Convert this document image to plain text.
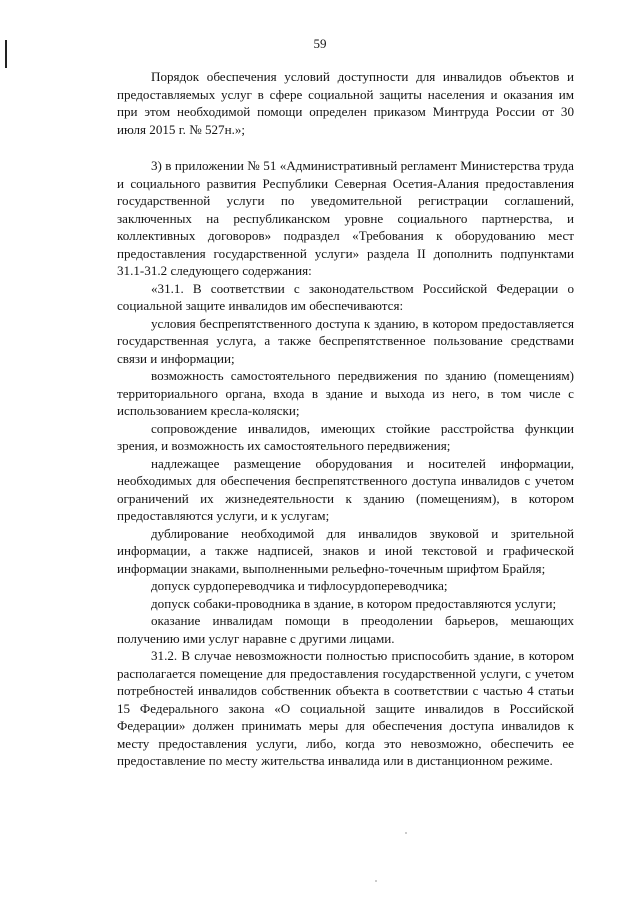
59

Порядок обеспечения условий доступности для инвалидов объектов и предоставляемых услуг в сфере социальной защиты населения и оказания им при этом необходимой помощи определен приказом Минтруда России от 30 июля 2015 г. № 527н.»;

3) в приложении № 51 «Административный регламент Министерства труда и социального развития Республики Северная Осетия-Алания предоставления государственной услуги по уведомительной регистрации соглашений, заключенных на республиканском уровне социального партнерства, и коллективных договоров» подраздел «Требования к оборудованию мест предоставления государственной услуги» раздела II дополнить подпунктами 31.1-31.2 следующего содержания:

«31.1. В соответствии с законодательством Российской Федерации о социальной защите инвалидов им обеспечиваются:

условия беспрепятственного доступа к зданию, в котором предоставляется государственная услуга, а также беспрепятственное пользование средствами связи и информации;

возможность самостоятельного передвижения по зданию (помещениям) территориального органа, входа в здание и выхода из него, в том числе с использованием кресла-коляски;

сопровождение инвалидов, имеющих стойкие расстройства функции зрения, и возможность их самостоятельного передвижения;

надлежащее размещение оборудования и носителей информации, необходимых для обеспечения беспрепятственного доступа инвалидов с учетом ограничений их жизнедеятельности к зданию (помещениям), в котором предоставляются услуги, и к услугам;

дублирование необходимой для инвалидов звуковой и зрительной информации, а также надписей, знаков и иной текстовой и графической информации знаками, выполненными рельефно-точечным шрифтом Брайля;

допуск сурдопереводчика и тифлосурдопереводчика;

допуск собаки-проводника в здание, в котором предоставляются услуги;

оказание инвалидам помощи в преодолении барьеров, мешающих получению ими услуг наравне с другими лицами.

31.2. В случае невозможности полностью приспособить здание, в котором располагается помещение для предоставления государственной услуги, с учетом потребностей инвалидов собственник объекта в соответствии с частью 4 статьи 15 Федерального закона «О социальной защите инвалидов в Российской Федерации» должен принимать меры для обеспечения доступа инвалидов к месту предоставления услуги, либо, когда это невозможно, обеспечить ее предоставление по месту жительства инвалида или в дистанционном режиме.
